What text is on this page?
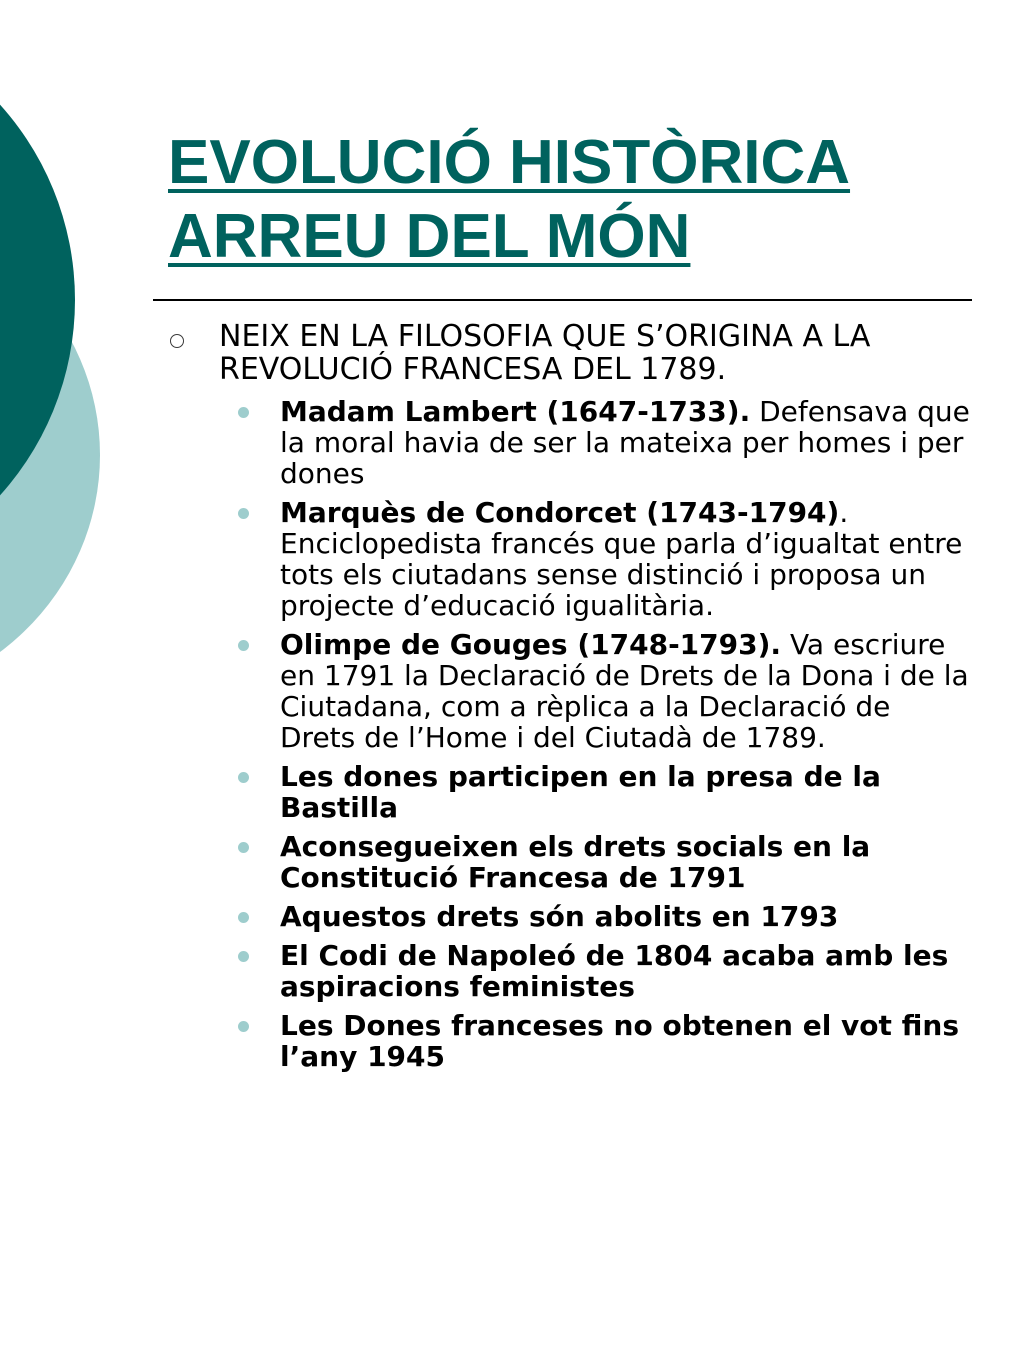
EVOLUCIÓ HISTÒRICA
ARREU DEL MÓN
NEIX EN LA FILOSOFIA QUE S’ORIGINA A LA REVOLUCIÓ FRANCESA DEL 1789.
Madam Lambert (1647-1733). Defensava que la moral havia de ser la mateixa per homes i per dones
Marquès de Condorcet (1743-1794). Enciclopedista francés que parla d’igualtat entre tots els ciutadans sense distinció i proposa un projecte d’educació igualitària.
Olimpe de Gouges (1748-1793). Va escriure en 1791 la Declaració de Drets de la Dona i de la Ciutadana, com a rèplica a la Declaració de Drets de l’Home i del Ciutadà de 1789.
Les dones participen en la presa de la Bastilla
Aconsegueixen els drets socials en la Constitució Francesa de 1791
Aquestos drets són abolits en 1793
El Codi de Napoleó de 1804 acaba amb les aspiracions feministes
Les Dones franceses no obtenen el vot fins l’any 1945
